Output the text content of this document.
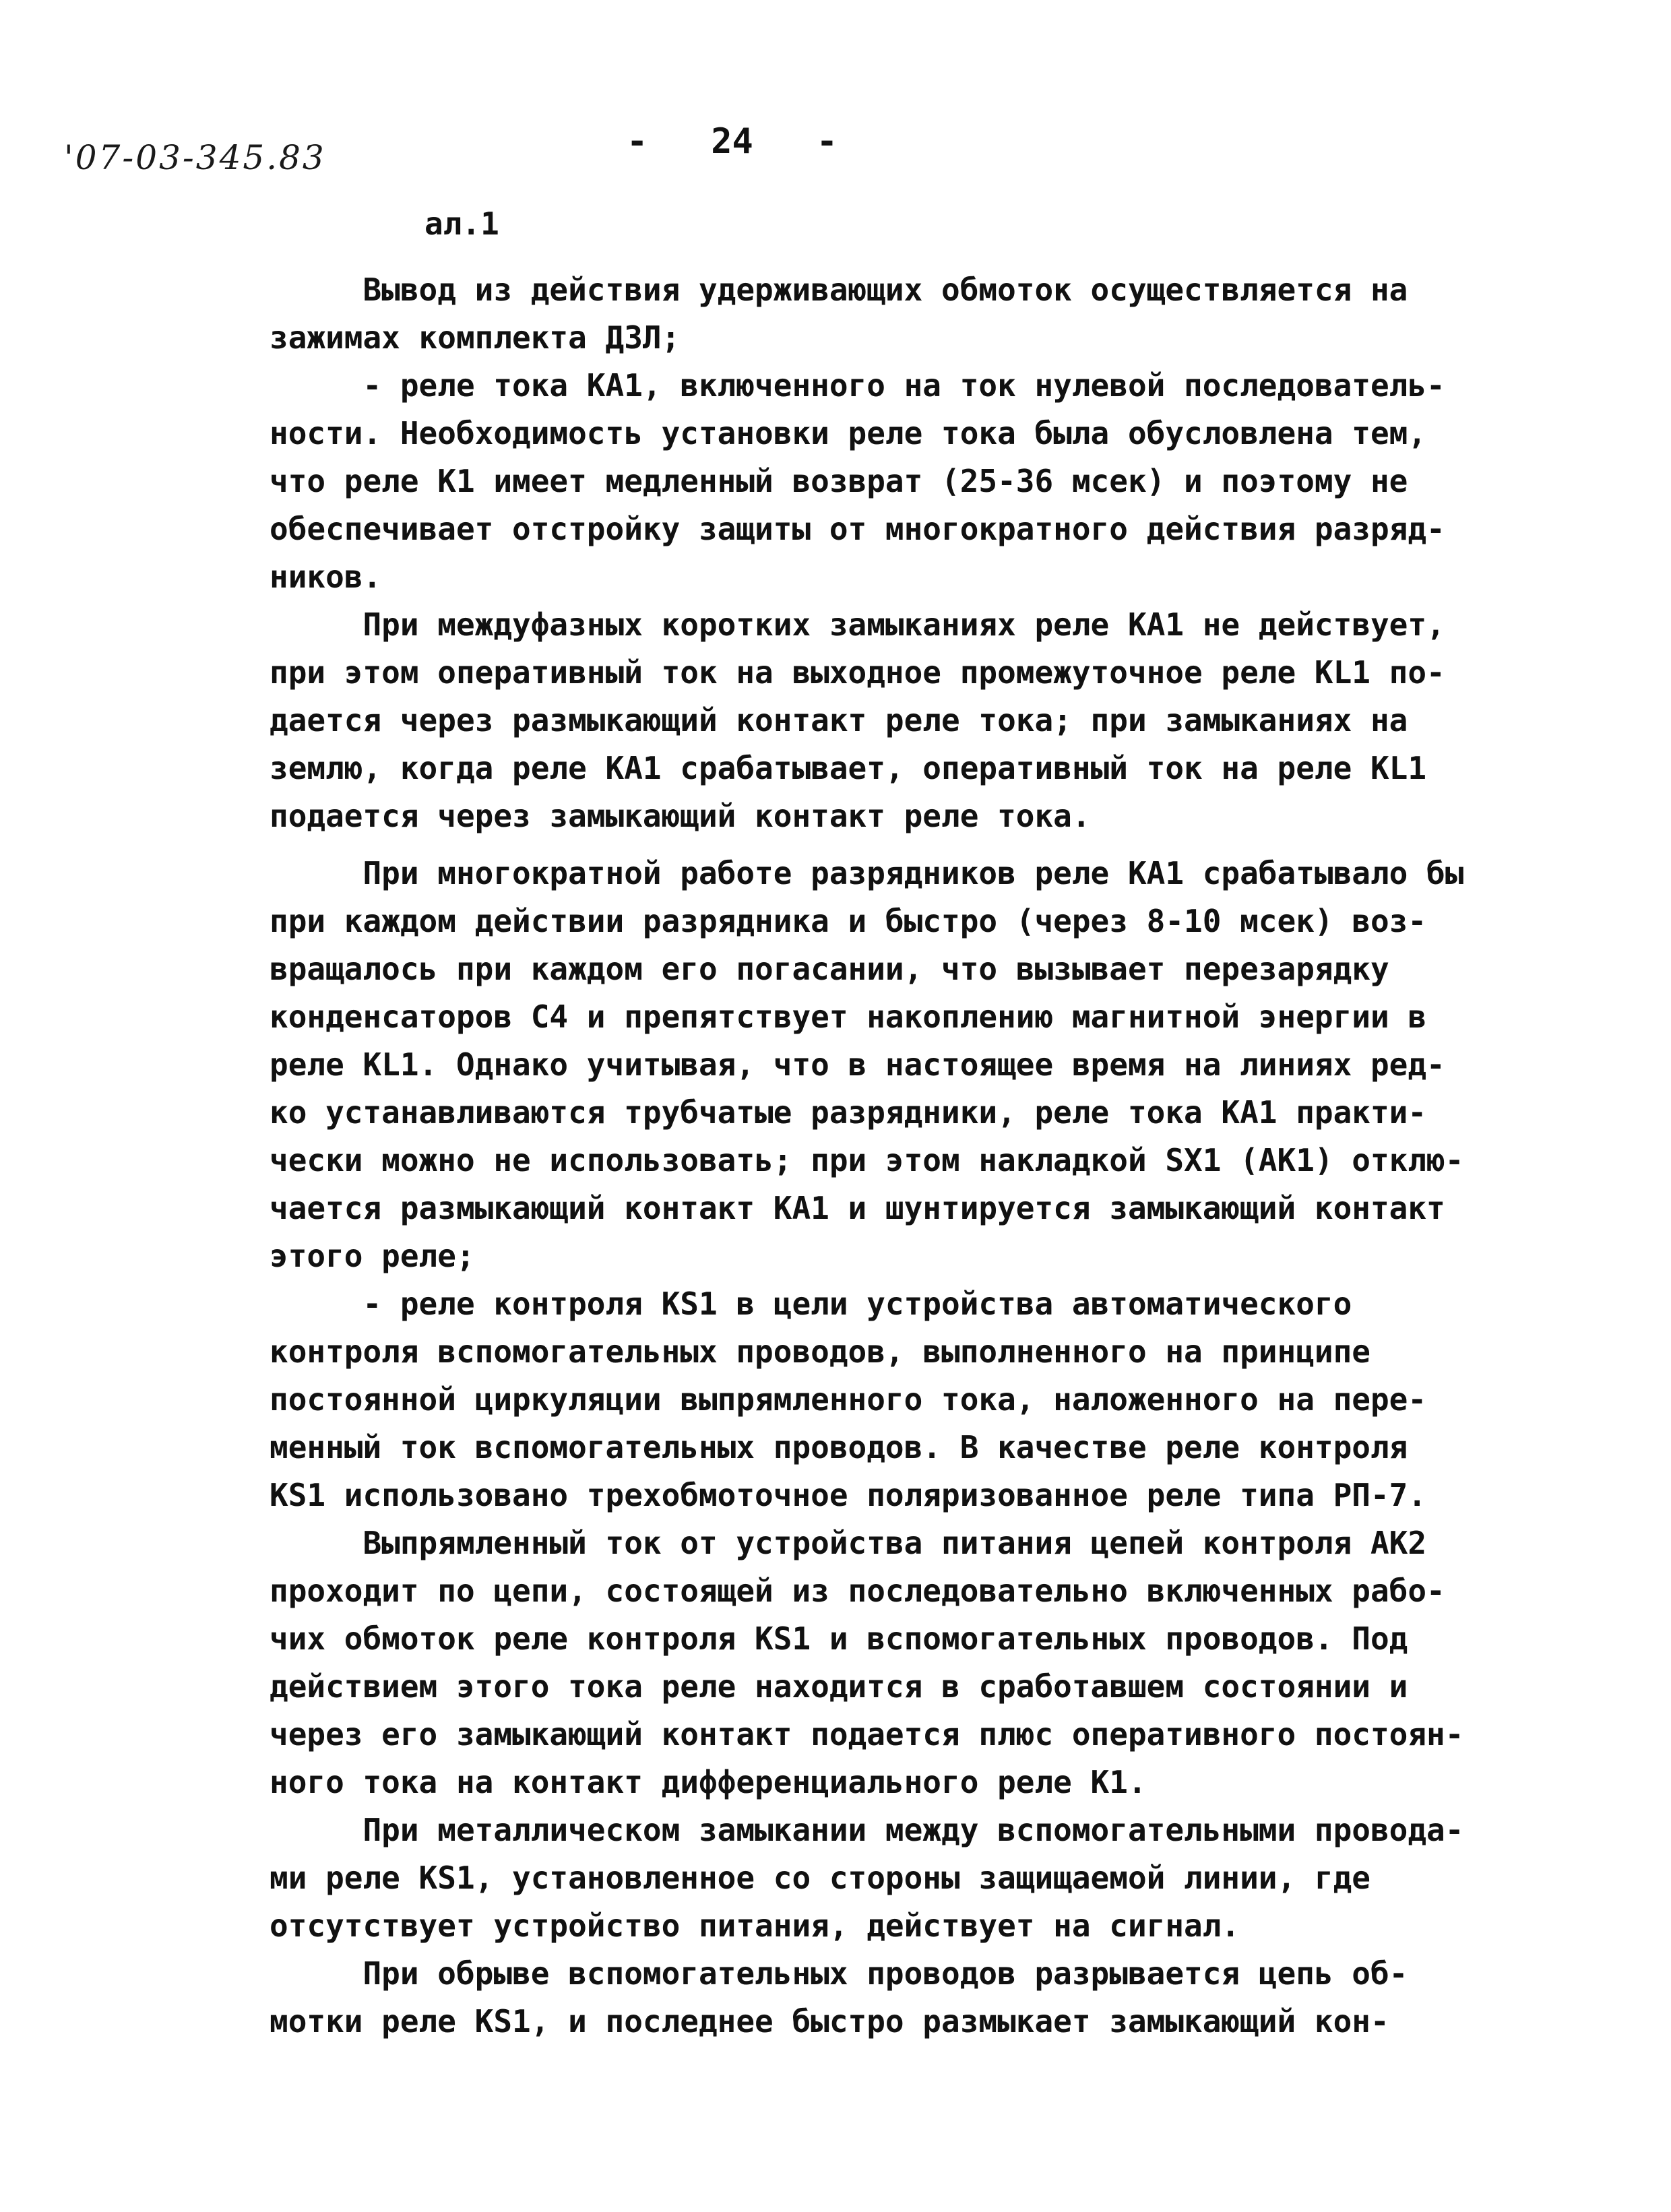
'07-03-345.83	-   24   -
ал.1
Вывод из действия удерживающих обмоток осуществляется на
зажимах комплекта ДЗЛ;
- реле тока КА1, включенного на ток нулевой последователь-
ности. Необходимость установки реле тока была обусловлена тем,
что реле К1 имеет медленный возврат (25-36 мсек) и поэтому не
обеспечивает отстройку защиты от многократного действия разряд-
ников.
При междуфазных коротких замыканиях реле КА1 не действует,
при этом оперативный ток на выходное промежуточное реле КL1 по-
дается через размыкающий контакт реле тока; при замыканиях на
землю, когда реле КА1 срабатывает, оперативный ток на реле КL1
подается через замыкающий контакт реле тока.
При многократной работе разрядников реле КА1 срабатывало бы
при каждом действии разрядника и быстро (через 8-10 мсек) воз-
вращалось при каждом его погасании, что вызывает перезарядку
конденсаторов С4 и препятствует накоплению магнитной энергии в
реле КL1. Однако учитывая, что в настоящее время на линиях ред-
ко устанавливаются трубчатые разрядники, реле тока КА1 практи-
чески можно не использовать; при этом накладкой SX1 (АК1) отклю-
чается размыкающий контакт КА1 и шунтируется замыкающий контакт
этого реле;
- реле контроля КS1 в цели устройства автоматического
контроля вспомогательных проводов, выполненного на принципе
постоянной циркуляции выпрямленного тока, наложенного на пере-
менный ток вспомогательных проводов. В качестве реле контроля
КS1 использовано трехобмоточное поляризованное реле типа РП-7.
Выпрямленный ток от устройства питания цепей контроля АК2
проходит по цепи, состоящей из последовательно включенных рабо-
чих обмоток реле контроля КS1 и вспомогательных проводов. Под
действием этого тока реле находится в сработавшем состоянии и
через его замыкающий контакт подается плюс оперативного постоян-
ного тока на контакт дифференциального реле К1.
При металлическом замыкании между вспомогательными провода-
ми реле КS1, установленное со стороны защищаемой линии, где
отсутствует устройство питания, действует на сигнал.
При обрыве вспомогательных проводов разрывается цепь об-
мотки реле КS1, и последнее быстро размыкает замыкающий кон-
